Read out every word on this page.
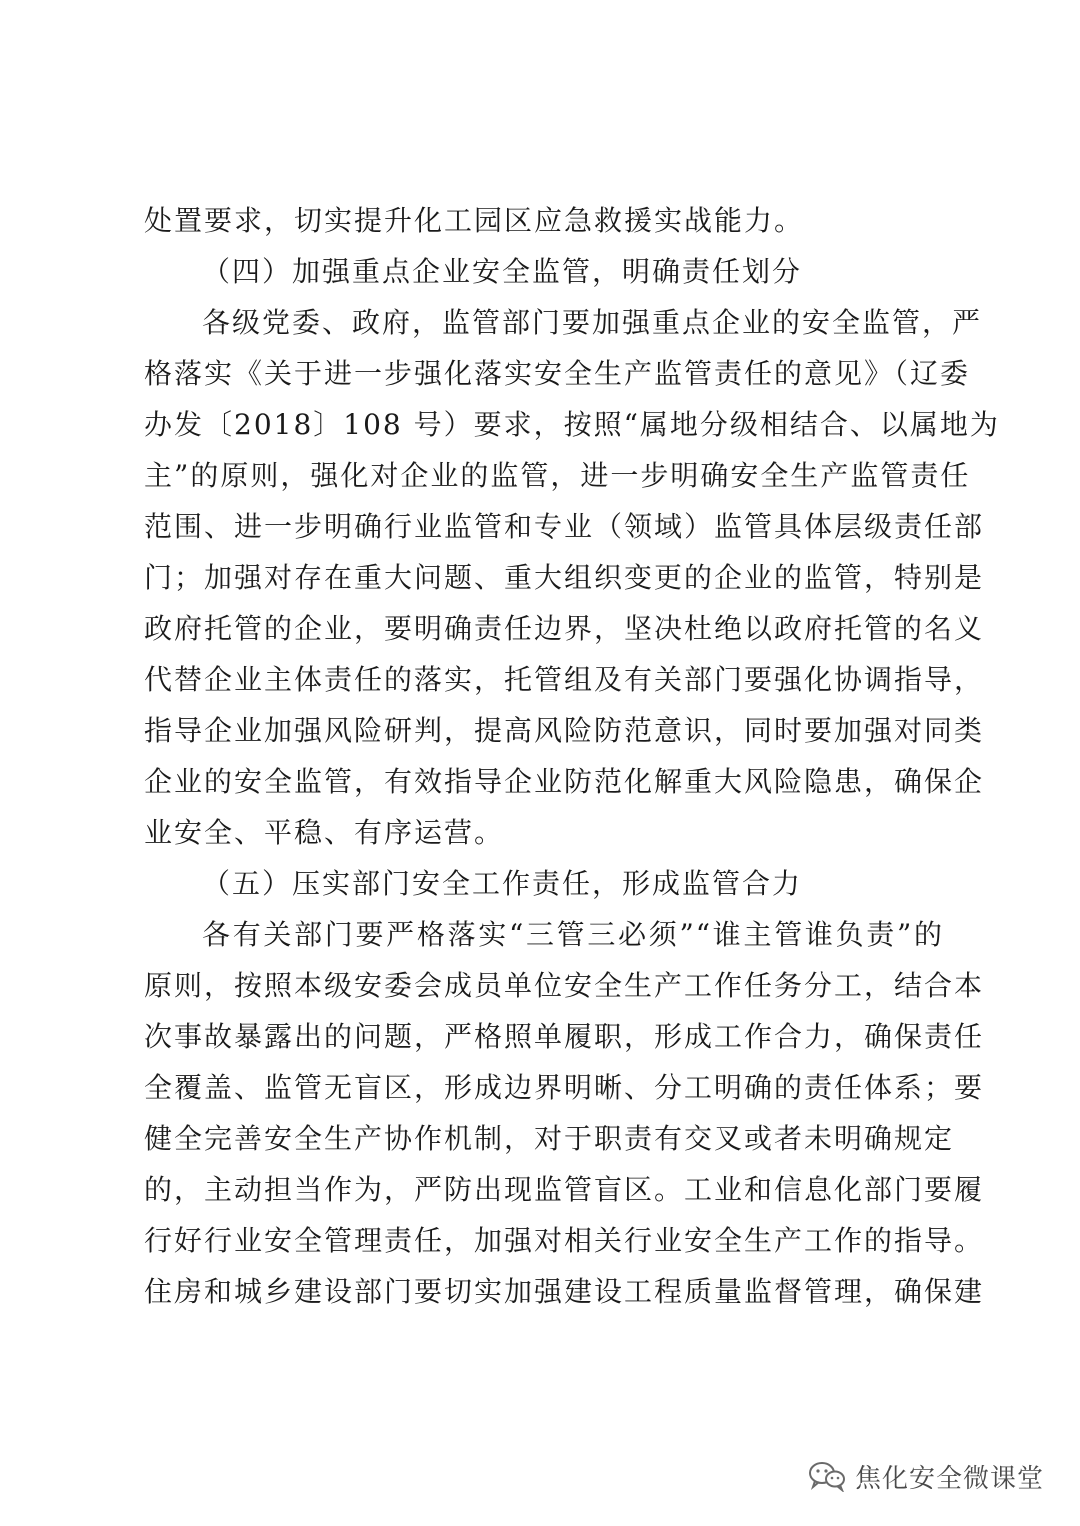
处置要求，切实提升化工园区应急救援实战能力。
（四）加强重点企业安全监管，明确责任划分
各级党委、政府，监管部门要加强重点企业的安全监管，严
格落实《关于进一步强化落实安全生产监管责任的意见》（辽委
办发〔2018〕108 号）要求，按照“属地分级相结合、以属地为
主”的原则，强化对企业的监管，进一步明确安全生产监管责任
范围、进一步明确行业监管和专业（领域）监管具体层级责任部
门；加强对存在重大问题、重大组织变更的企业的监管，特别是
政府托管的企业，要明确责任边界，坚决杜绝以政府托管的名义
代替企业主体责任的落实，托管组及有关部门要强化协调指导，
指导企业加强风险研判，提高风险防范意识，同时要加强对同类
企业的安全监管，有效指导企业防范化解重大风险隐患，确保企
业安全、平稳、有序运营。
（五）压实部门安全工作责任，形成监管合力
各有关部门要严格落实“三管三必须”“谁主管谁负责”的
原则，按照本级安委会成员单位安全生产工作任务分工，结合本
次事故暴露出的问题，严格照单履职，形成工作合力，确保责任
全覆盖、监管无盲区，形成边界明晰、分工明确的责任体系；要
健全完善安全生产协作机制，对于职责有交叉或者未明确规定
的，主动担当作为，严防出现监管盲区。工业和信息化部门要履
行好行业安全管理责任，加强对相关行业安全生产工作的指导。
住房和城乡建设部门要切实加强建设工程质量监督管理，确保建
焦化安全微课堂
